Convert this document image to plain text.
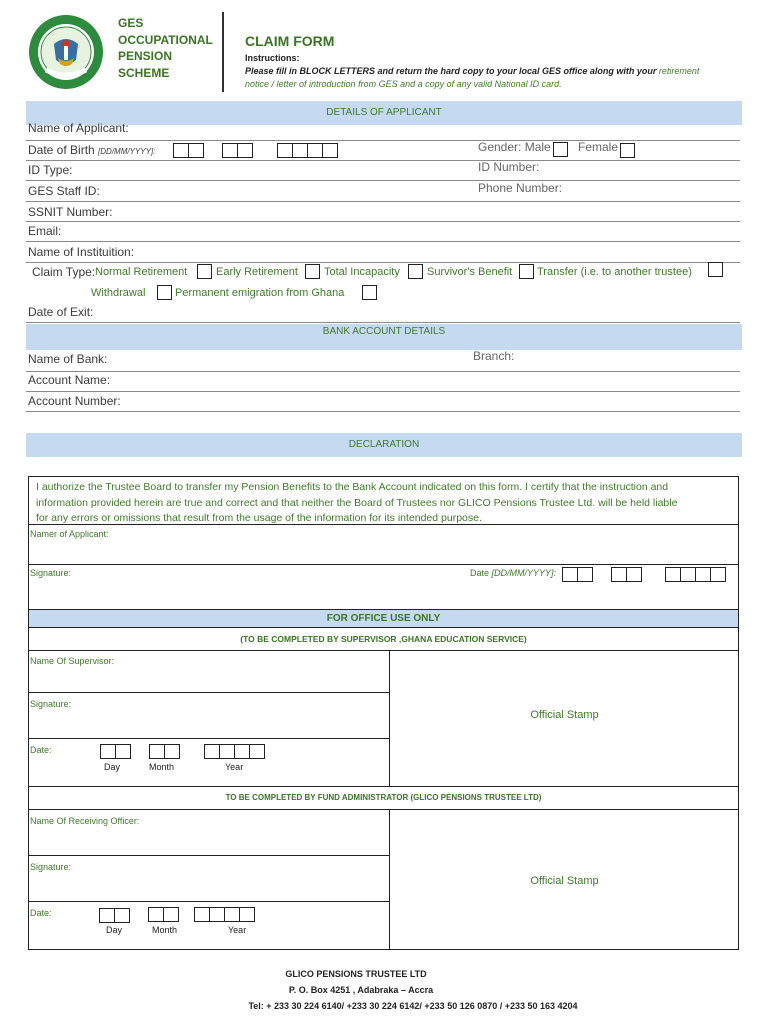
GES
OCCUPATIONAL
PENSION
SCHEME
CLAIM FORM
Instructions:
Please fill in BLOCK LETTERS and return the hard copy to your local GES office along with your retirement
notice / letter of introduction from GES and a copy of any valid National ID card.
DETAILS OF APPLICANT
Name of Applicant:
Date of Birth [DD/MM/YYYY]:	Gender: Male Female
ID Type:	ID Number:
GES Staff ID:	Phone Number:
SSNIT Number:
Email:
Name of Instituition:
Claim Type: Normal Retirement	Early Retirement Total Incapacity Survivor's Benefit Transfer (i.e. to another trustee)
Withdrawal	Permanent emigration from Ghana
Date of Exit:
BANK ACCOUNT DETAILS
Name of Bank:	Branch:
Account Name:
Account Number:
DECLARATION
I authorize the Trustee Board to transfer my Pension Benefits to the Bank Account indicated on this form. I certify that the instruction and
information provided herein are true and correct and that neither the Board of Trustees nor GLICO Pensions Trustee Ltd. will be held liable
for any errors or omissions that result from the usage of the information for its intended purpose.
Namer of Applicant:
Signature:	Date [DD/MM/YYYY]:
FOR OFFICE USE ONLY
(TO BE COMPLETED BY SUPERVISOR ,GHANA EDUCATION SERVICE)
Name Of Supervisor:
Signature:
Date:
Day	Month	Year
Official Stamp
TO BE COMPLETED BY FUND ADMINISTRATOR (GLICO PENSIONS TRUSTEE LTD)
Name Of Receiving Officer:
Signature:
Date:
Day	Month	Year
Official Stamp
GLICO PENSIONS TRUSTEE LTD
P. O. Box 4251 , Adabraka – Accra
Tel: + 233 30 224 6140/ +233 30 224 6142/ +233 50 126 0870 / +233 50 163 4204
